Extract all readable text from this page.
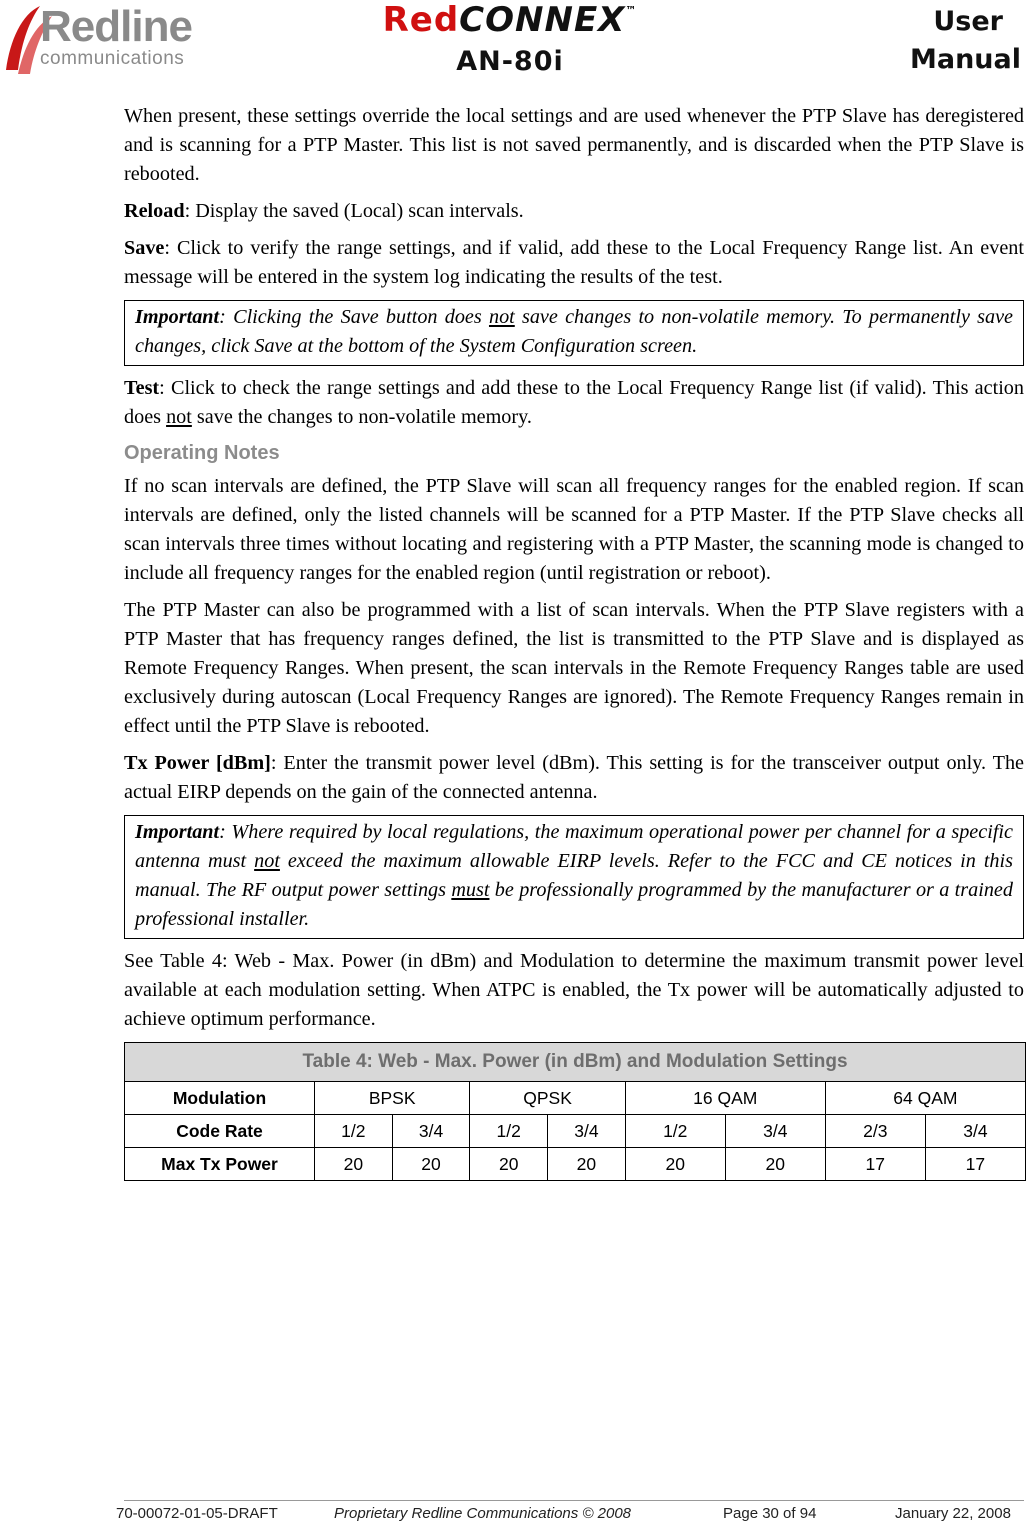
Redline
communications
RedCONNEX™
AN-80i
User
Manual

When present, these settings override the local settings and are used whenever the PTP Slave has deregistered and is scanning for a PTP Master. This list is not saved permanently, and is discarded when the PTP Slave is rebooted.

Reload: Display the saved (Local) scan intervals.

Save: Click to verify the range settings, and if valid, add these to the Local Frequency Range list. An event message will be entered in the system log indicating the results of the test.

Important: Clicking the Save button does not save changes to non-volatile memory. To permanently save changes, click Save at the bottom of the System Configuration screen.

Test: Click to check the range settings and add these to the Local Frequency Range list (if valid). This action does not save the changes to non-volatile memory.

Operating Notes

If no scan intervals are defined, the PTP Slave will scan all frequency ranges for the enabled region. If scan intervals are defined, only the listed channels will be scanned for a PTP Master. If the PTP Slave checks all scan intervals three times without locating and registering with a PTP Master, the scanning mode is changed to include all frequency ranges for the enabled region (until registration or reboot).

The PTP Master can also be programmed with a list of scan intervals. When the PTP Slave registers with a PTP Master that has frequency ranges defined, the list is transmitted to the PTP Slave and is displayed as Remote Frequency Ranges. When present, the scan intervals in the Remote Frequency Ranges table are used exclusively during autoscan (Local Frequency Ranges are ignored). The Remote Frequency Ranges remain in effect until the PTP Slave is rebooted.

Tx Power [dBm]: Enter the transmit power level (dBm). This setting is for the transceiver output only. The actual EIRP depends on the gain of the connected antenna.

Important: Where required by local regulations, the maximum operational power per channel for a specific antenna must not exceed the maximum allowable EIRP levels. Refer to the FCC and CE notices in this manual. The RF output power settings must be professionally programmed by the manufacturer or a trained professional installer.

See Table 4: Web - Max. Power (in dBm) and Modulation to determine the maximum transmit power level available at each modulation setting. When ATPC is enabled, the Tx power will be automatically adjusted to achieve optimum performance.

Table 4: Web - Max. Power (in dBm) and Modulation Settings								
Modulation	BPSK		QPSK		16 QAM		64 QAM	
Code Rate	1/2	3/4	1/2	3/4	1/2	3/4	2/3	3/4
Max Tx Power	20	20	20	20	20	20	17	17
70-00072-01-05-DRAFT	Proprietary Redline Communications © 2008	Page 30 of 94	January 22, 2008
